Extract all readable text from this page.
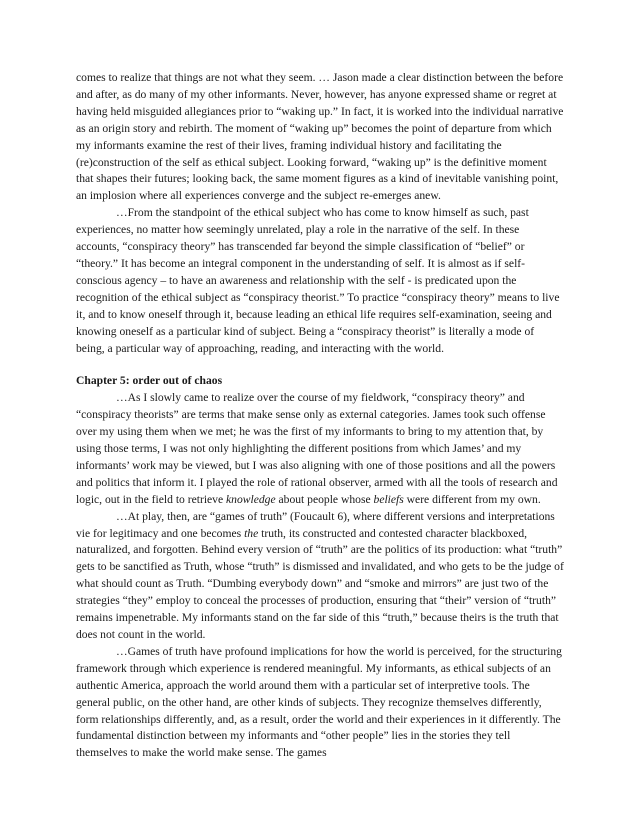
comes to realize that things are not what they seem. … Jason made a clear distinction between the before and after, as do many of my other informants. Never, however, has anyone expressed shame or regret at having held misguided allegiances prior to “waking up.” In fact, it is worked into the individual narrative as an origin story and rebirth. The moment of “waking up” becomes the point of departure from which my informants examine the rest of their lives, framing individual history and facilitating the (re)construction of the self as ethical subject. Looking forward, “waking up” is the definitive moment that shapes their futures; looking back, the same moment figures as a kind of inevitable vanishing point, an implosion where all experiences converge and the subject re-emerges anew.

…From the standpoint of the ethical subject who has come to know himself as such, past experiences, no matter how seemingly unrelated, play a role in the narrative of the self. In these accounts, “conspiracy theory” has transcended far beyond the simple classification of “belief” or “theory.” It has become an integral component in the understanding of self. It is almost as if self-conscious agency – to have an awareness and relationship with the self - is predicated upon the recognition of the ethical subject as “conspiracy theorist.” To practice “conspiracy theory” means to live it, and to know oneself through it, because leading an ethical life requires self-examination, seeing and knowing oneself as a particular kind of subject. Being a “conspiracy theorist” is literally a mode of being, a particular way of approaching, reading, and interacting with the world.

Chapter 5: order out of chaos

…As I slowly came to realize over the course of my fieldwork, “conspiracy theory” and “conspiracy theorists” are terms that make sense only as external categories. James took such offense over my using them when we met; he was the first of my informants to bring to my attention that, by using those terms, I was not only highlighting the different positions from which James’ and my informants’ work may be viewed, but I was also aligning with one of those positions and all the powers and politics that inform it. I played the role of rational observer, armed with all the tools of research and logic, out in the field to retrieve knowledge about people whose beliefs were different from my own.

…At play, then, are “games of truth” (Foucault 6), where different versions and interpretations vie for legitimacy and one becomes the truth, its constructed and contested character blackboxed, naturalized, and forgotten. Behind every version of “truth” are the politics of its production: what “truth” gets to be sanctified as Truth, whose “truth” is dismissed and invalidated, and who gets to be the judge of what should count as Truth. “Dumbing everybody down” and “smoke and mirrors” are just two of the strategies “they” employ to conceal the processes of production, ensuring that “their” version of “truth” remains impenetrable. My informants stand on the far side of this “truth,” because theirs is the truth that does not count in the world.

…Games of truth have profound implications for how the world is perceived, for the structuring framework through which experience is rendered meaningful. My informants, as ethical subjects of an authentic America, approach the world around them with a particular set of interpretive tools. The general public, on the other hand, are other kinds of subjects. They recognize themselves differently, form relationships differently, and, as a result, order the world and their experiences in it differently. The fundamental distinction between my informants and “other people” lies in the stories they tell themselves to make the world make sense. The games
